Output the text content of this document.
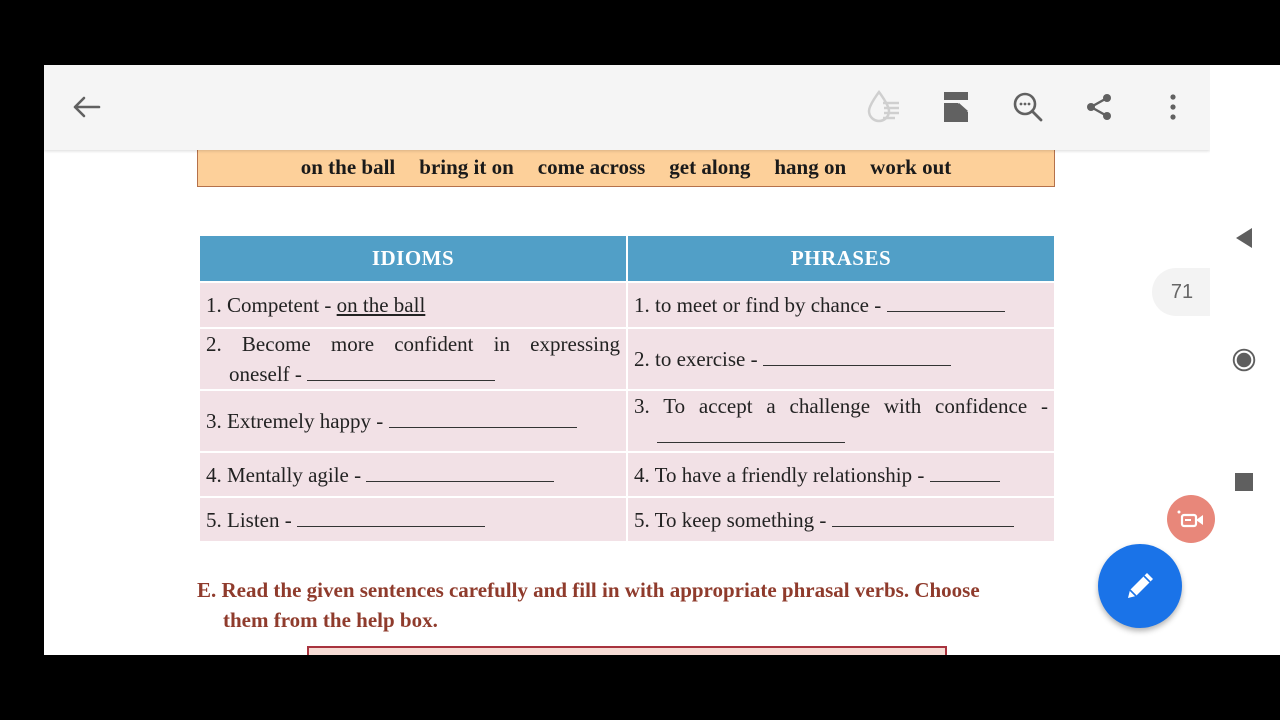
on the ball bring it on come across get along hang on work out
IDIOMS	PHRASES
1. Competent - on the ball	1. to meet or find by chance -

2. Become more confident in expressing
oneself -	2. to exercise -
3. Extremely happy -	3. To accept a challenge with confidence -

4. Mentally agile -	4. To have a friendly relationship -
5. Listen -	5. To keep something -
E. Read the given sentences carefully and fill in with appropriate phrasal verbs. Choose
them from the help box.
71
